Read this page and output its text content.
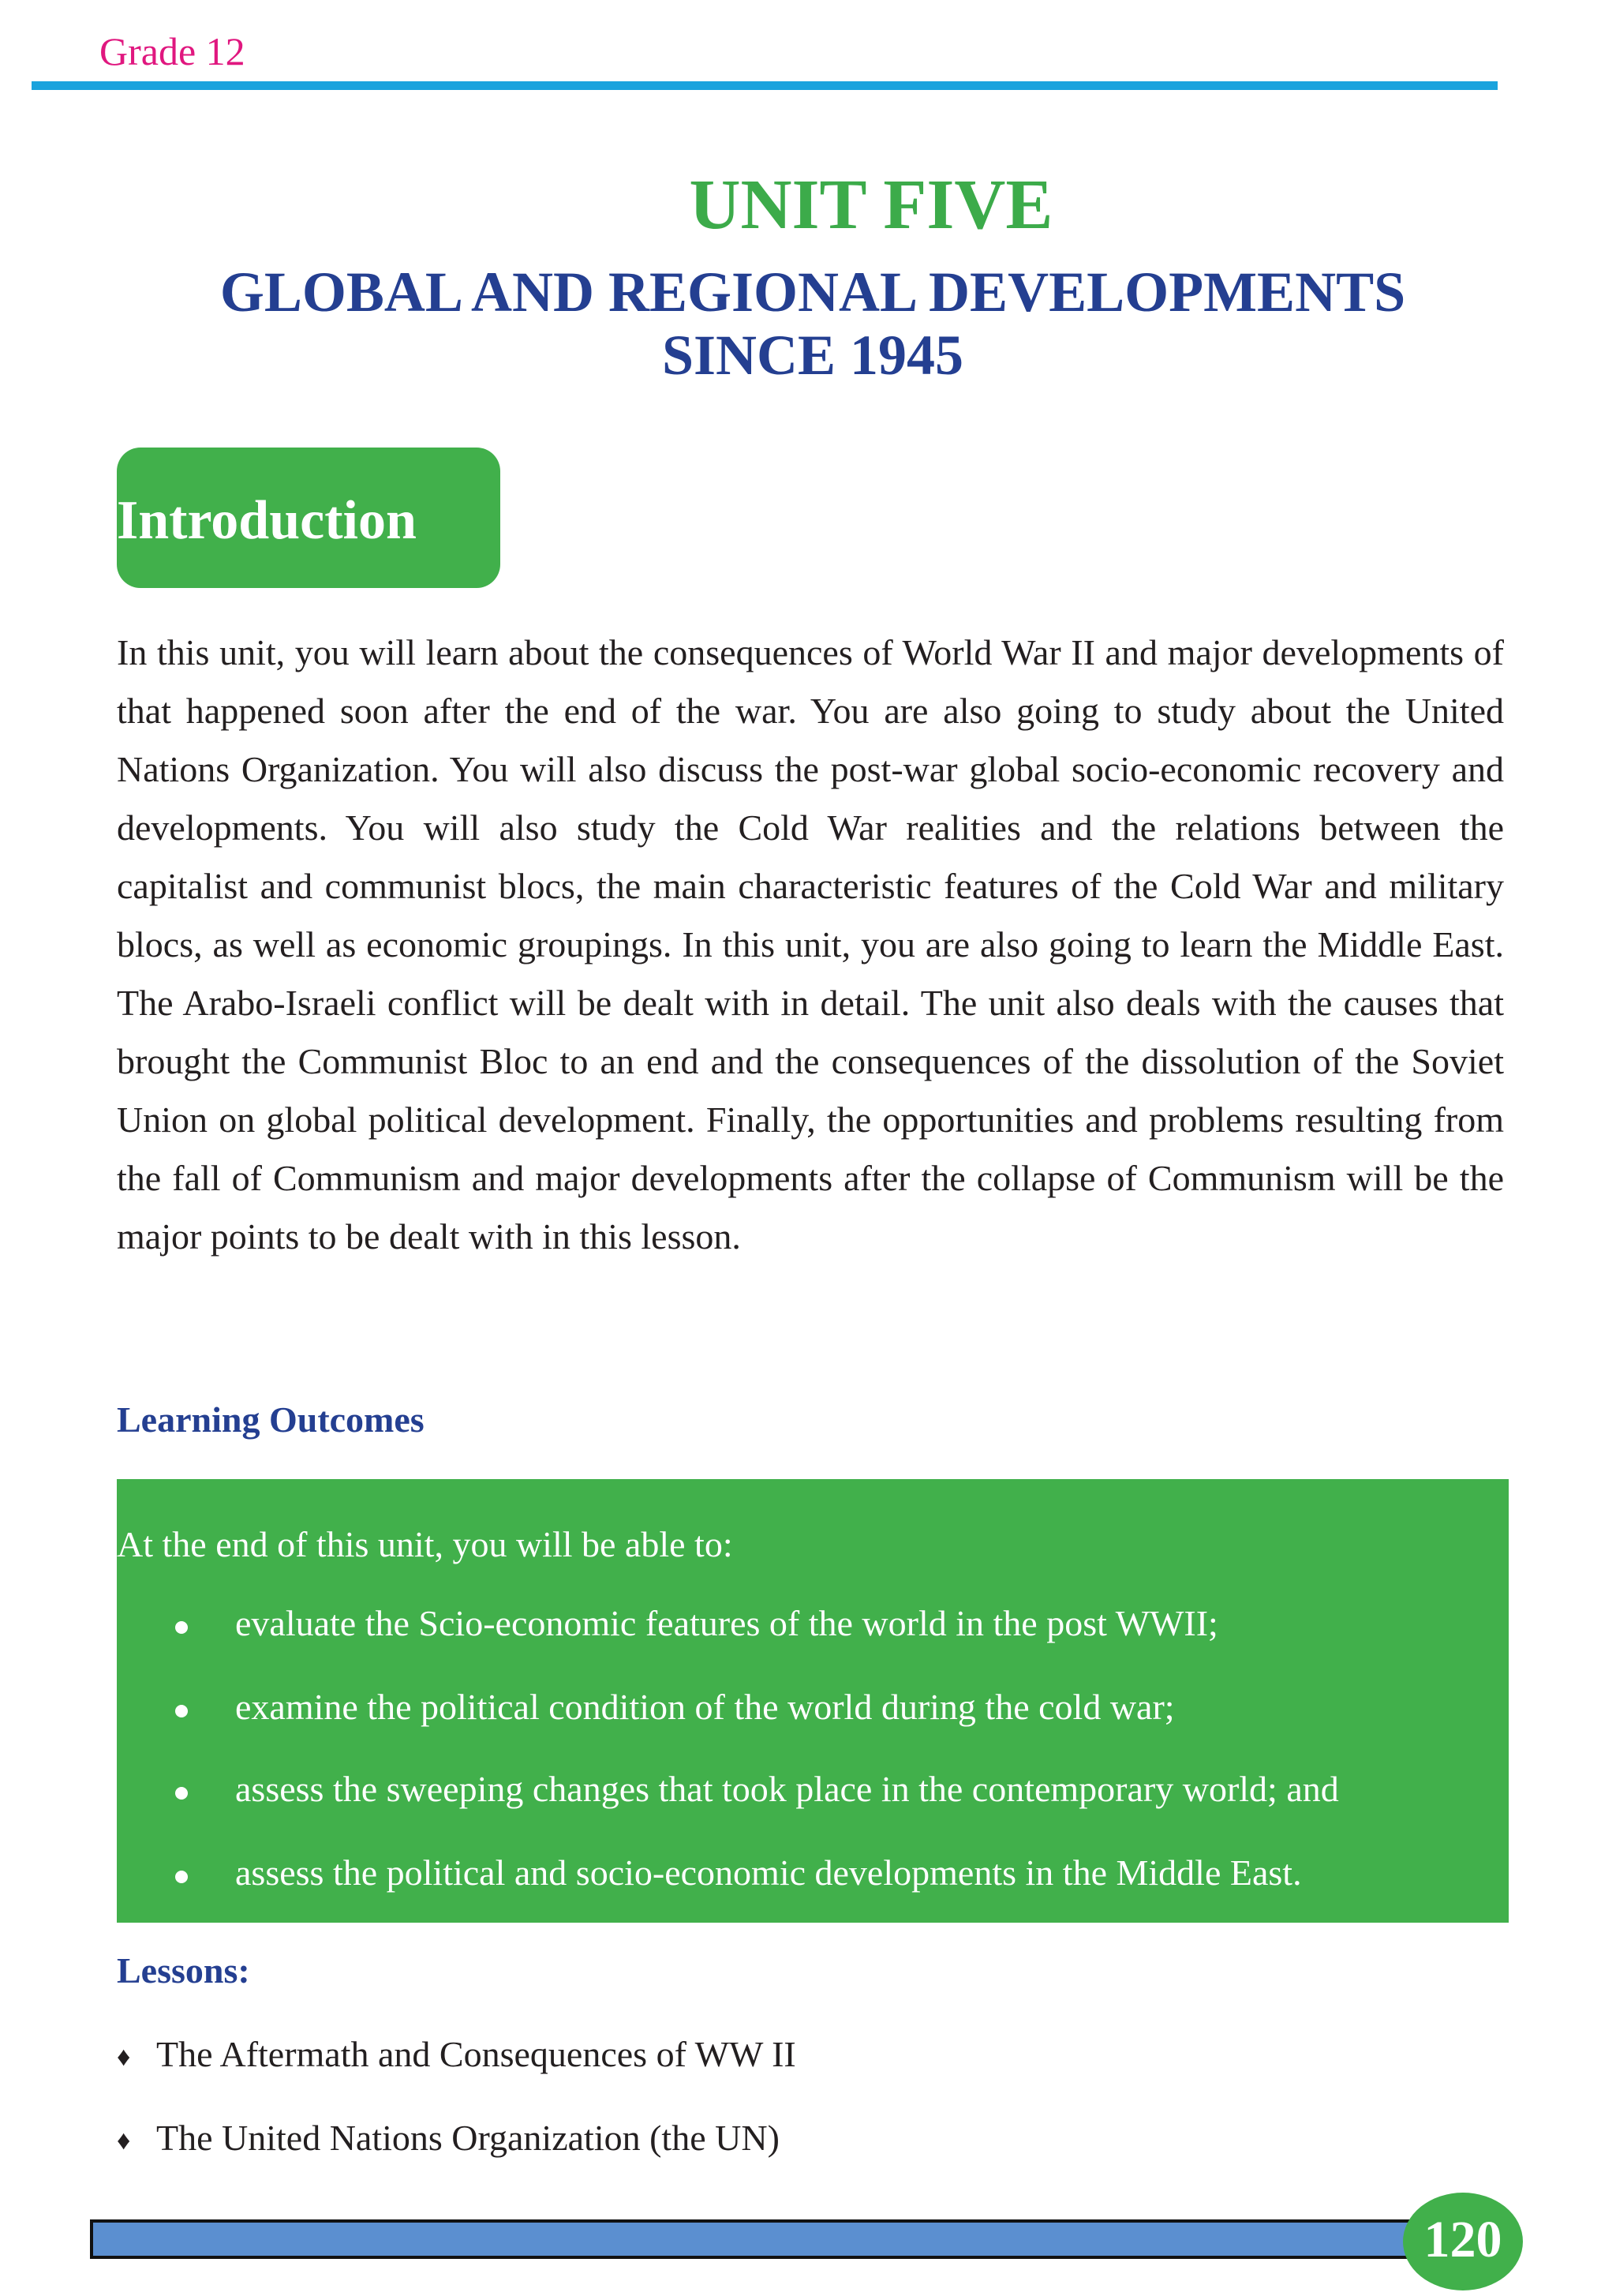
Grade 12
UNIT FIVE
GLOBAL AND REGIONAL DEVELOPMENTS
SINCE 1945
Introduction

In this unit, you will learn about the consequences of World War II and major developments of that happened soon after the end of the war. You are also going to study about the United Nations Organization. You will also discuss the post-war global socio-economic recovery and developments. You will also study the Cold War realities and the relations between the capitalist and communist blocs, the main characteristic features of the Cold War and military blocs, as well as economic groupings. In this unit, you are also going to learn the Middle East. The Arabo-Israeli conflict will be dealt with in detail. The unit also deals with the causes that brought the Communist Bloc to an end and the consequences of the dissolution of the Soviet Union on global political development. Finally, the opportunities and problems resulting from the fall of Communism and major developments after the collapse of Communism will be the major points to be dealt with in this lesson.

Learning Outcomes
At the end of this unit, you will be able to:
evaluate the Scio-economic features of the world in the post WWII;
examine the political condition of the world during the cold war;
assess the sweeping changes that took place in the contemporary world; and
assess the political and socio-economic developments in the Middle East.
Lessons:
♦ The Aftermath and Consequences of WW II
♦ The United Nations Organization (the UN)
120
